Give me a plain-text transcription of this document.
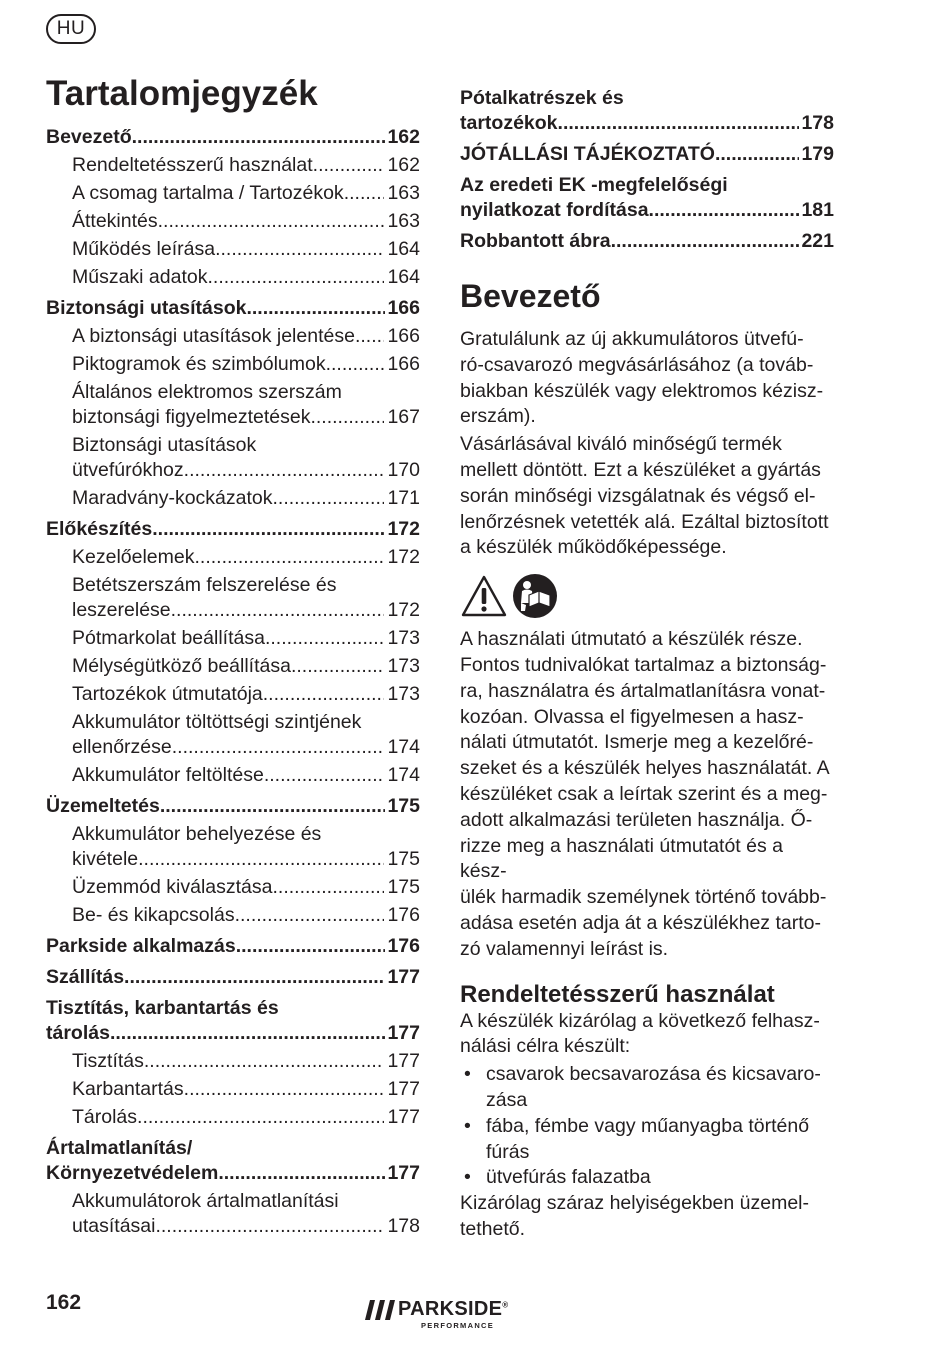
HU
Tartalomjegyzék
Bevezető .....	162
Rendeltetésszerű használat .....	162
A csomag tartalma / Tartozékok ..... 163
Áttekintés .....	163
Működés leírása .....	164
Műszaki adatok .....	164
Biztonsági utasítások .....	166
A biztonsági utasítások jelentése ..... 166
Piktogramok és szimbólumok .....	166
Általános elektromos szerszám
biztonsági figyelmeztetések .....	167
Biztonsági utasítások
ütvefúrókhoz .....	170
Maradvány-kockázatok .....	171
Előkészítés .....	172
Kezelőelemek .....	172
Betétszerszám felszerelése és
leszerelése .....	172
Pótmarkolat beállítása .....	173
Mélységütköző beállítása .....	173
Tartozékok útmutatója .....	173
Akkumulátor töltöttségi szintjének
ellenőrzése .....	174
Akkumulátor feltöltése .....	174
Üzemeltetés .....	175
Akkumulátor behelyezése és
kivétele .....	175
Üzemmód kiválasztása .....	175
Be- és kikapcsolás .....	176
Parkside alkalmazás .....	176
Szállítás .....	177
Tisztítás, karbantartás és
tárolás .....	177
Tisztítás .....	177
Karbantartás .....	177
Tárolás .....	177
Ártalmatlanítás/
Környezetvédelem .....	177
Akkumulátorok ártalmatlanítási
utasításai .....	178
Pótalkatrészek és
tartozékok .....	178
JÓTÁLLÁSI TÁJÉKOZTATÓ .....	179
Az eredeti EK -megfelelőségi
nyilatkozat fordítása .....	181
Robbantott ábra .....	221
Bevezető

Gratulálunk az új akkumulátoros ütvefú-
ró-csavarozó megvásárlásához (a továb-
biakban készülék vagy elektromos kézisz-
erszám).

Vásárlásával kiváló minőségű termék
mellett döntött. Ezt a készüléket a gyártás
során minőségi vizsgálatnak és végső el-
lenőrzésnek vetették alá. Ezáltal biztosított
a készülék működőképessége.

A használati útmutató a készülék része.
Fontos tudnivalókat tartalmaz a biztonság-
ra, használatra és ártalmatlanításra vonat-
kozóan. Olvassa el figyelmesen a hasz-
nálati útmutatót. Ismerje meg a kezelőré-
szeket és a készülék helyes használatát. A
készüléket csak a leírtak szerint és a meg-
adott alkalmazási területen használja. Ő-
rizze meg a használati útmutatót és a kész-
ülék harmadik személynek történő tovább-
adása esetén adja át a készülékhez tarto-
zó valamennyi leírást is.

Rendeltetésszerű használat

A készülék kizárólag a következő felhasz-
nálási célra készült:

• csavarok becsavarozása és kicsavaro-
zása
• fába, fémbe vagy műanyagba történő
fúrás
• ütvefúrás falazatba

Kizárólag száraz helyiségekben üzemel-
tethető.

162	PARKSIDE®
PERFORMANCE
